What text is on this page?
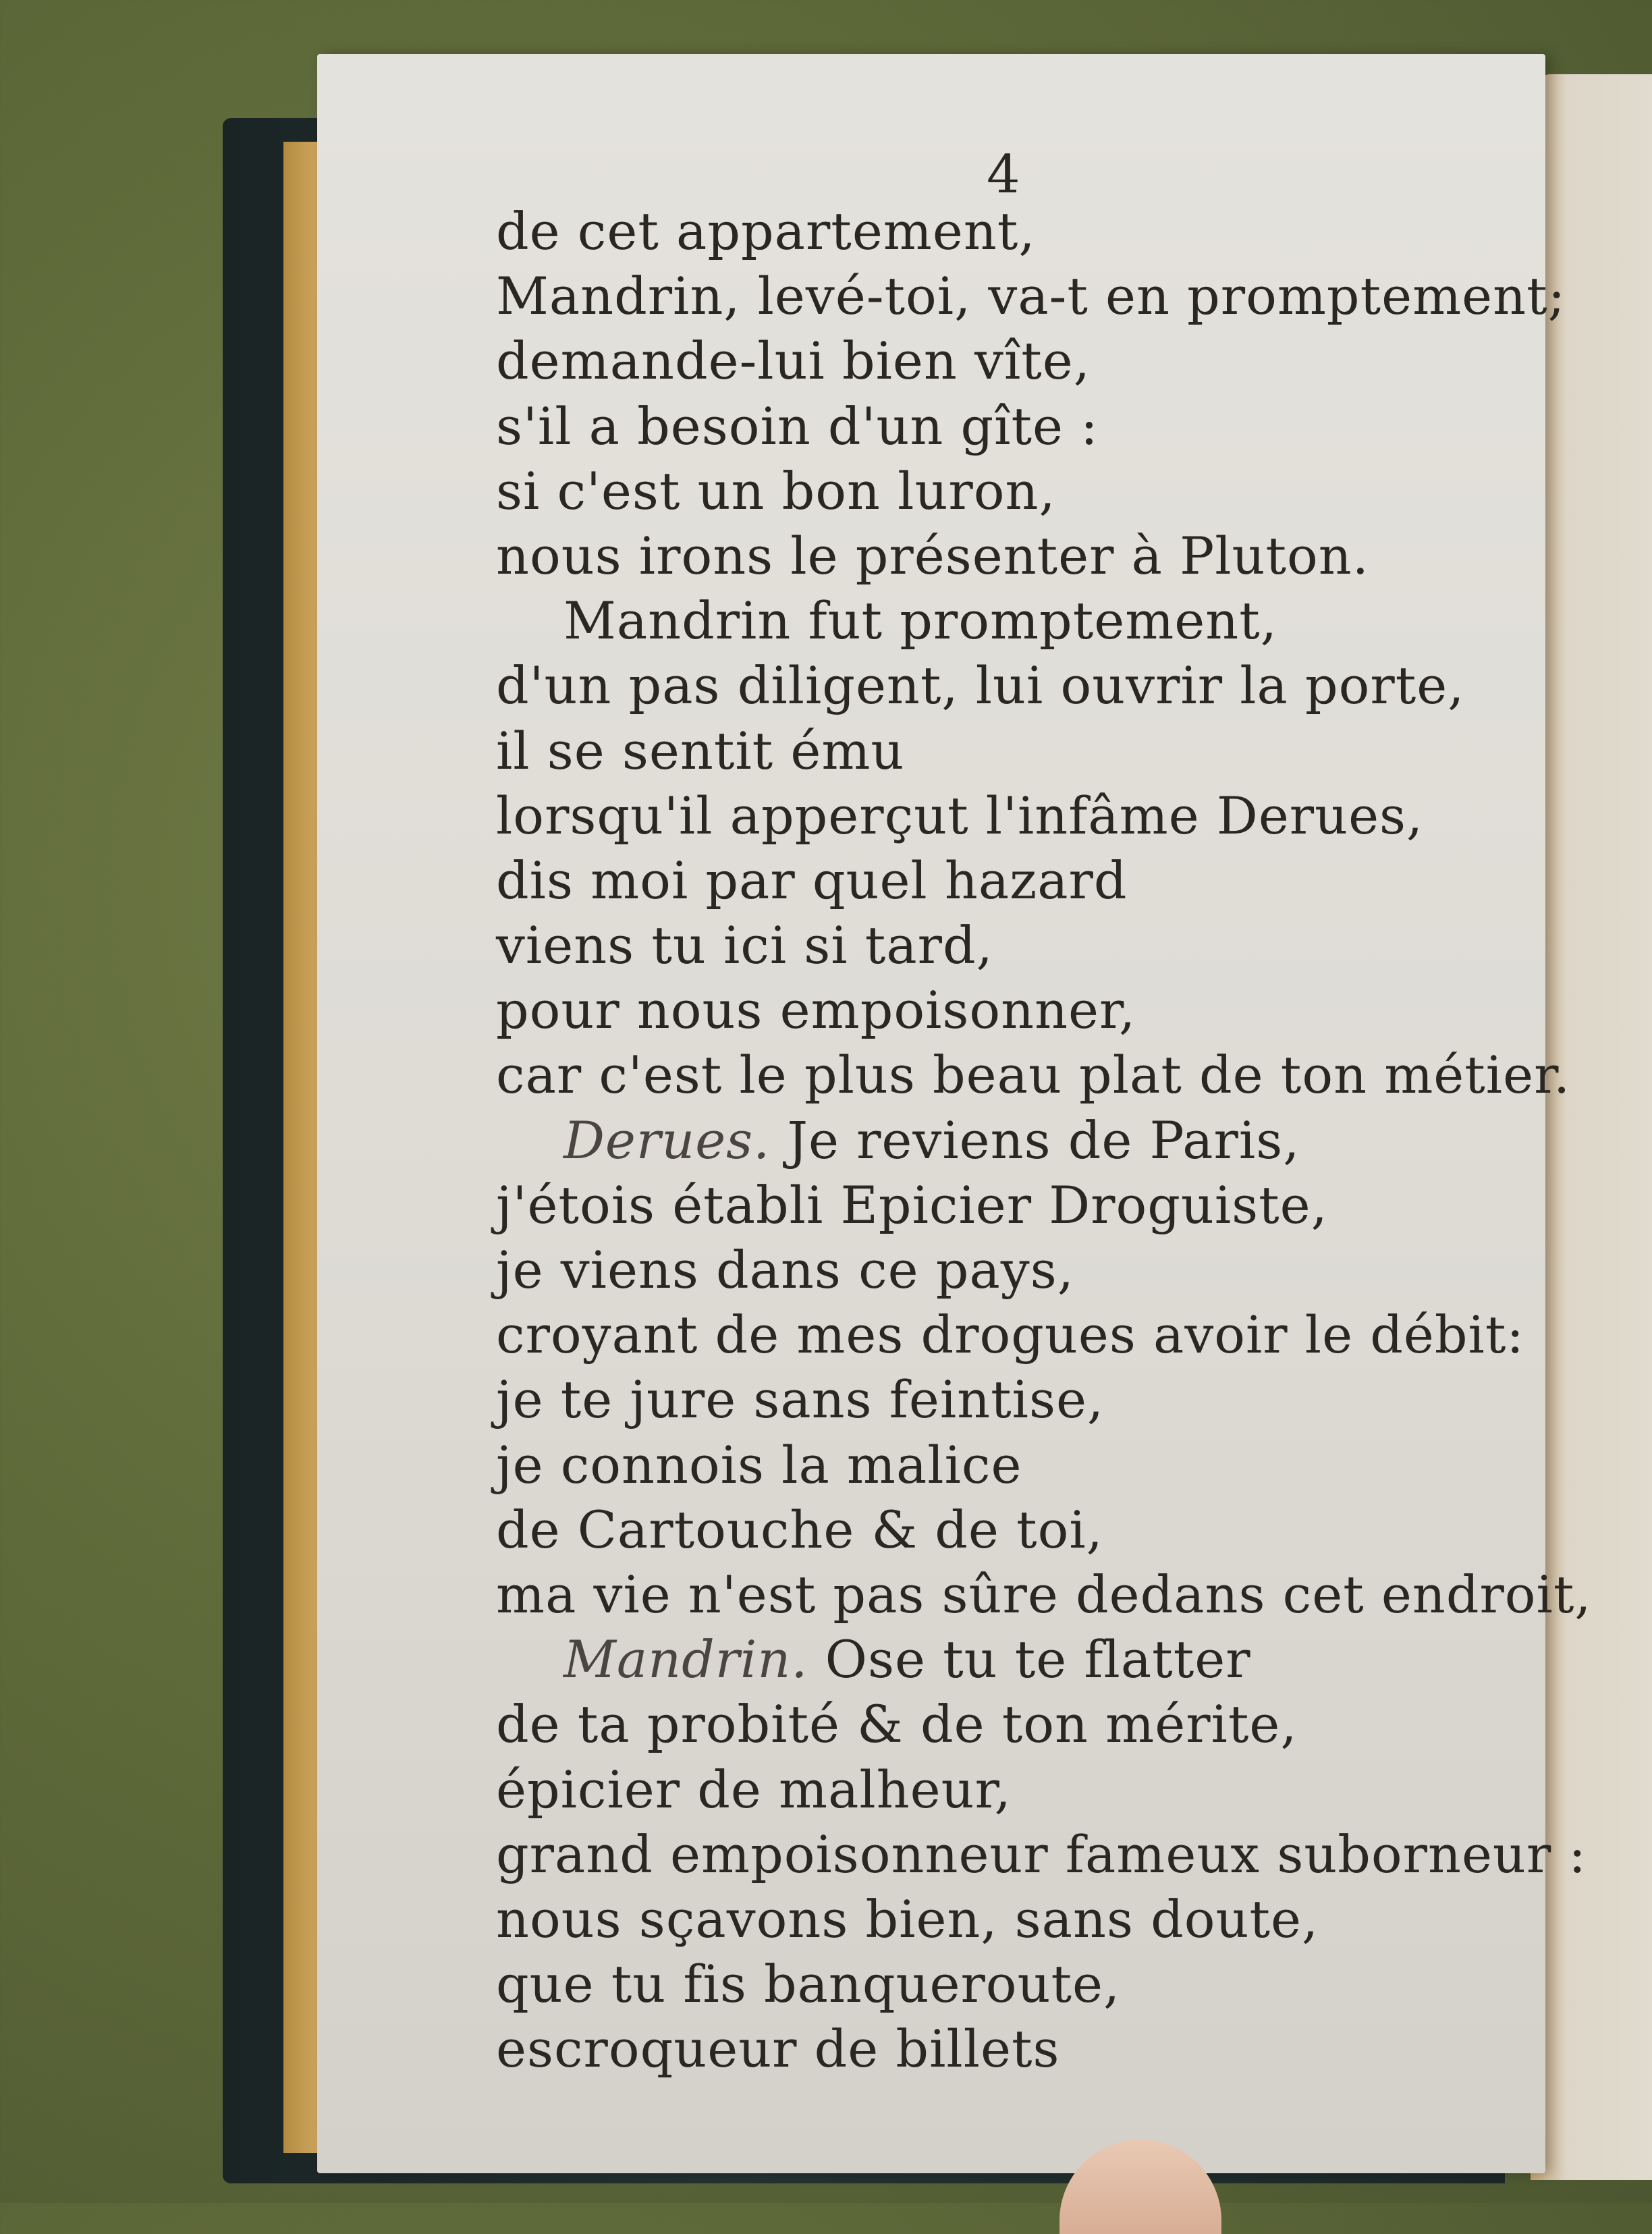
4
de cet appartement,
Mandrin, levé-toi, va-t en promptement;
demande-lui bien vîte,
s'il a besoin d'un gîte :
si c'est un bon luron,
nous irons le présenter à Pluton.
Mandrin fut promptement,
d'un pas diligent, lui ouvrir la porte,
il se sentit ému
lorsqu'il apperçut l'infâme Derues,
dis moi par quel hazard
viens tu ici si tard,
pour nous empoisonner,
car c'est le plus beau plat de ton métier.
Derues. Je reviens de Paris,
j'étois établi Epicier Droguiste,
je viens dans ce pays,
croyant de mes drogues avoir le débit:
je te jure sans feintise,
je connois la malice
de Cartouche & de toi,
ma vie n'est pas sûre dedans cet endroit,
Mandrin. Ose tu te flatter
de ta probité & de ton mérite,
épicier de malheur,
grand empoisonneur fameux suborneur :
nous sçavons bien, sans doute,
que tu fis banqueroute,
escroqueur de billets
